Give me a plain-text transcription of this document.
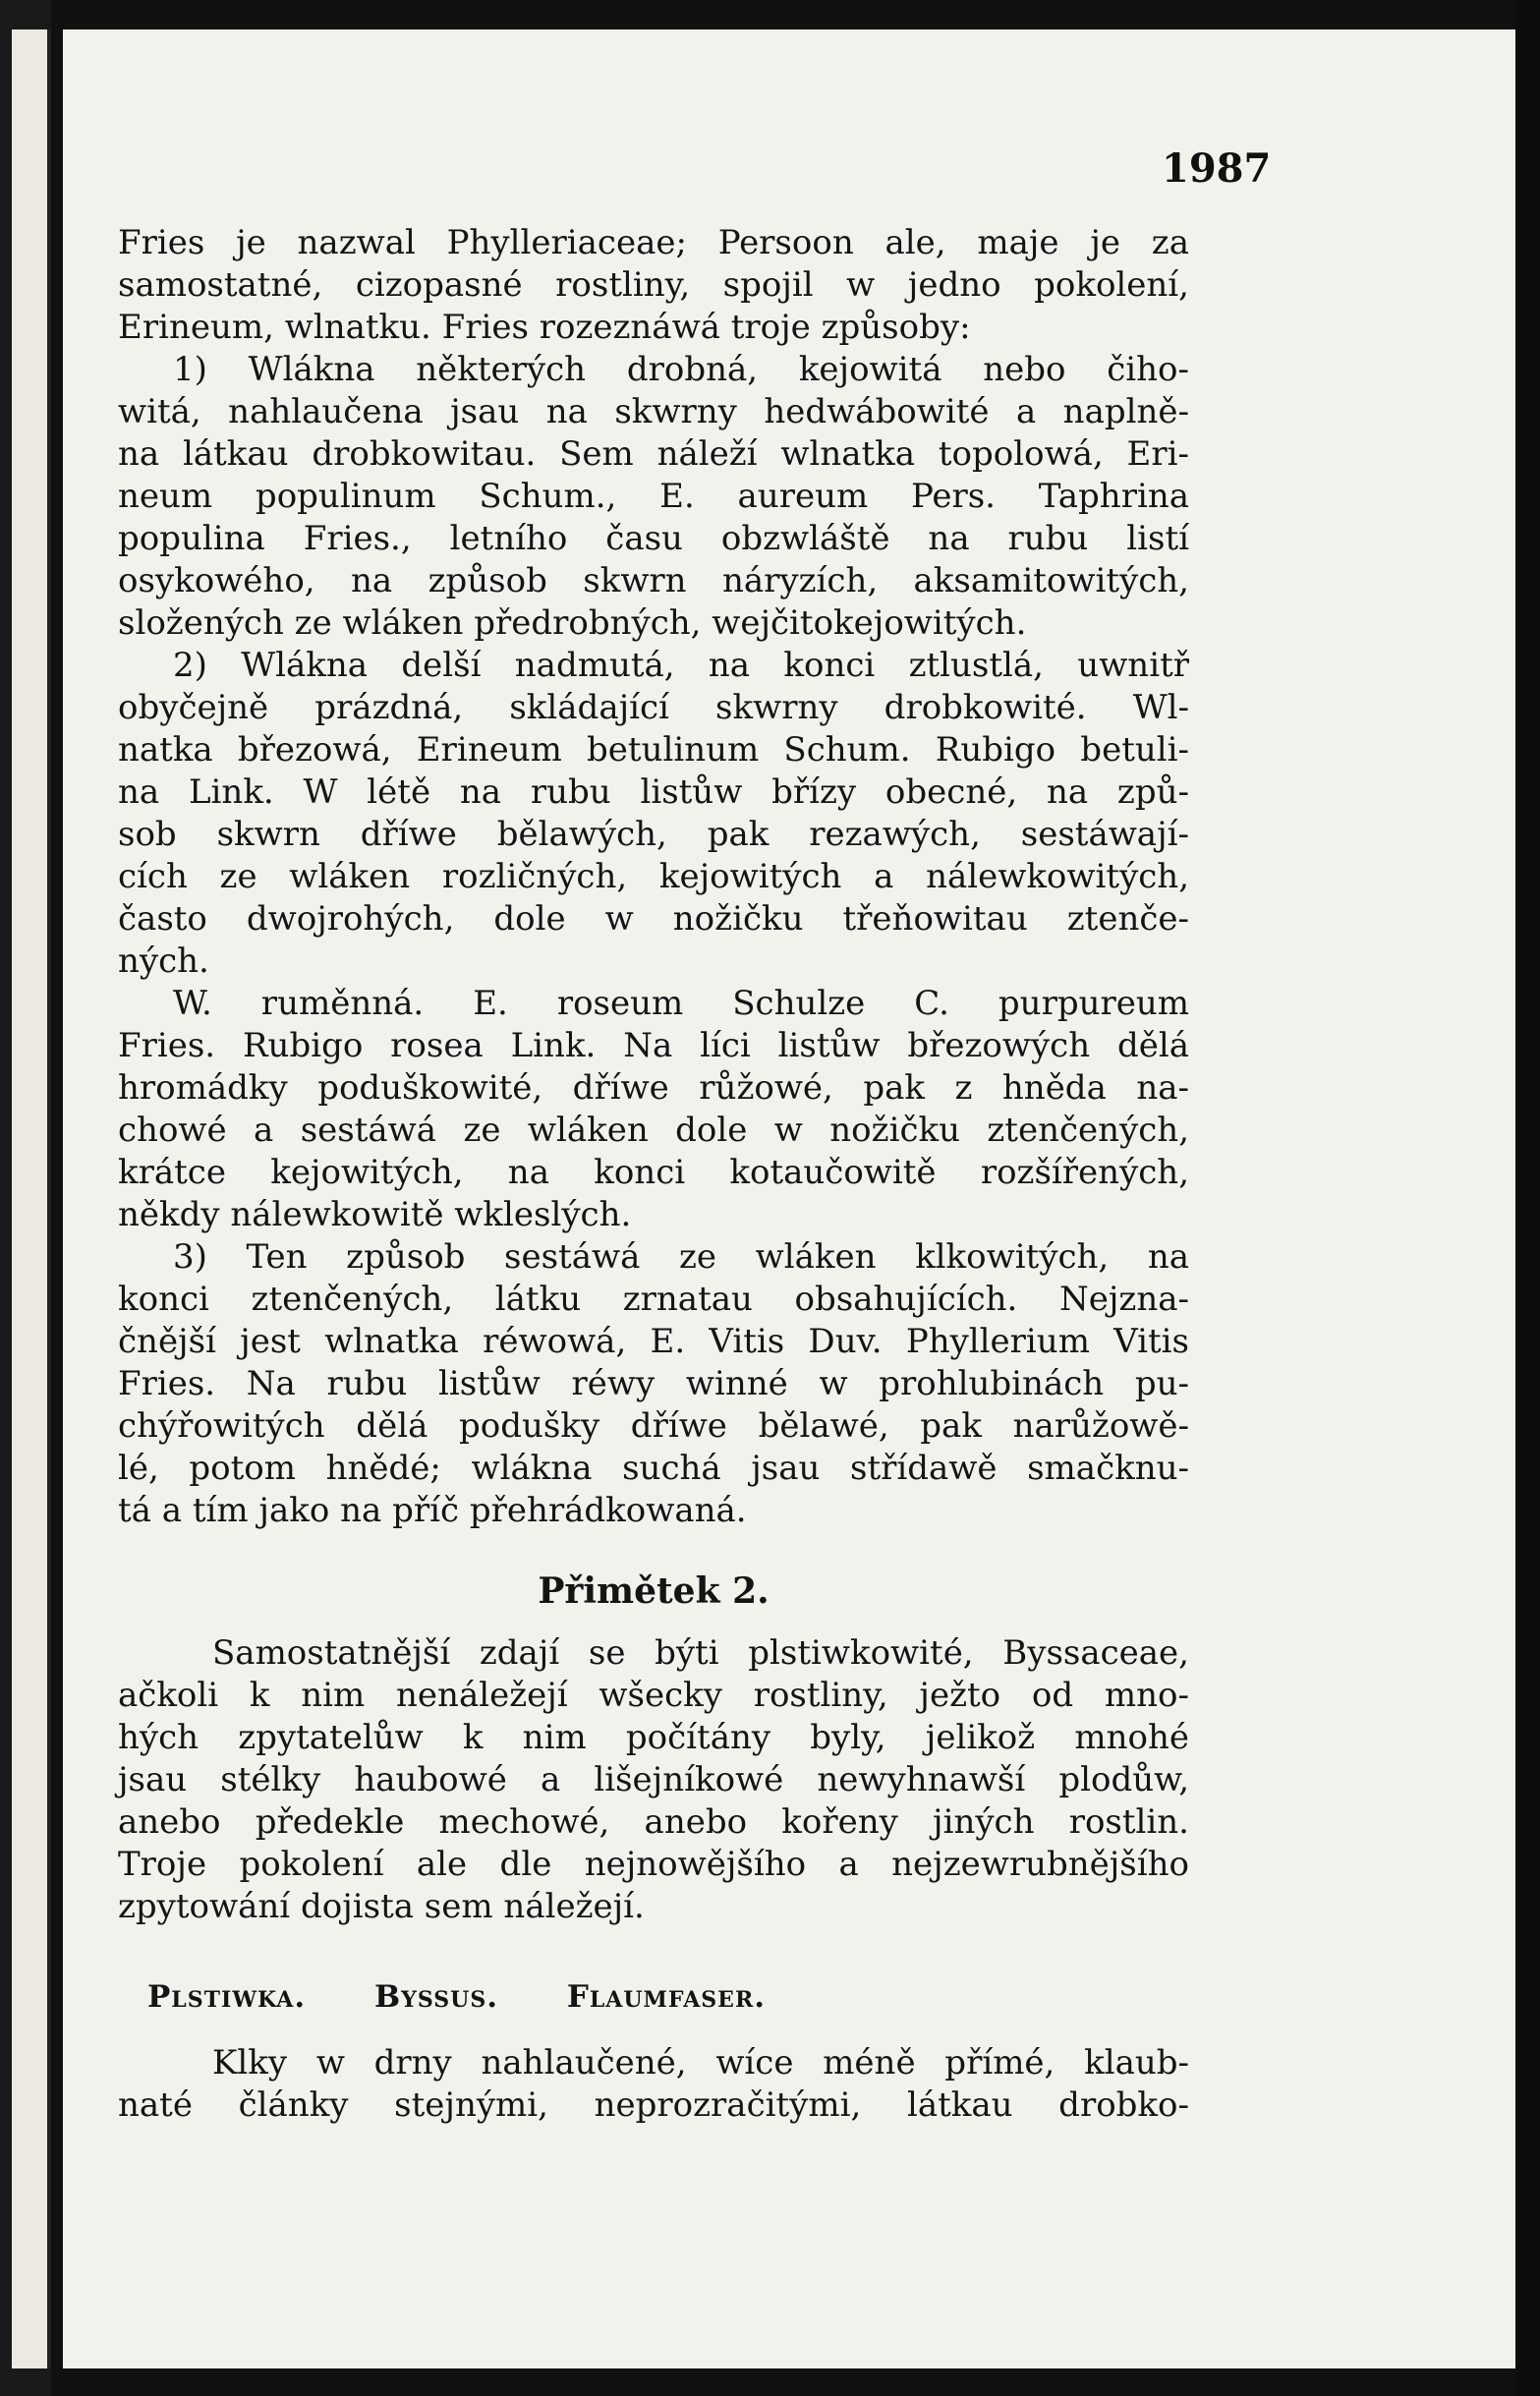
1987
Fries je nazwal Phylleriaceae; Persoon ale, maje je za
samostatné, cizopasné rostliny, spojil w jedno pokolení,
Erineum, wlnatku. Fries rozeznáwá troje způsoby:
1) Wlákna některých drobná, kejowitá nebo čiho-
witá, nahlaučena jsau na skwrny hedwábowité a naplně-
na látkau drobkowitau. Sem náleží wlnatka topolowá, Eri-
neum populinum Schum., E. aureum Pers. Taphrina
populina Fries., letního času obzwláště na rubu listí
osykowého, na způsob skwrn náryzích, aksamitowitých,
složených ze wláken předrobných, wejčitokejowitých.
2) Wlákna delší nadmutá, na konci ztlustlá, uwnitř
obyčejně prázdná, skládající skwrny drobkowité. Wl-
natka březowá, Erineum betulinum Schum. Rubigo betuli-
na Link. W létě na rubu listůw břízy obecné, na způ-
sob skwrn dříwe bělawých, pak rezawých, sestáwají-
cích ze wláken rozličných, kejowitých a nálewkowitých,
často dwojrohých, dole w nožičku třeňowitau ztenče-
ných.
W. ruměnná. E. roseum Schulze C. purpureum
Fries. Rubigo rosea Link. Na líci listůw březowých dělá
hromádky poduškowité, dříwe růžowé, pak z hněda na-
chowé a sestáwá ze wláken dole w nožičku ztenčených,
krátce kejowitých, na konci kotaučowitě rozšířených,
někdy nálewkowitě wkleslých.
3) Ten způsob sestáwá ze wláken klkowitých, na
konci ztenčených, látku zrnatau obsahujících. Nejzna-
čnější jest wlnatka réwowá, E. Vitis Duv. Phyllerium Vitis
Fries. Na rubu listůw réwy winné w prohlubinách pu-
chýřowitých dělá podušky dříwe bělawé, pak narůžowě-
lé, potom hnědé; wlákna suchá jsau střídawě smačknu-
tá a tím jako na příč přehrádkowaná.
Přimětek 2.
Samostatnější zdají se býti plstiwkowité, Byssaceae,
ačkoli k nim nenáležejí wšecky rostliny, ježto od mno-
hých zpytatelůw k nim počítány byly, jelikož mnohé
jsau stélky haubowé a lišejníkowé newyhnawší plodůw,
anebo předekle mechowé, anebo kořeny jiných rostlin.
Troje pokolení ale dle nejnowějšího a nejzewrubnějšího
zpytowání dojista sem náležejí.
Plstiwka. Byssus. Flaumfaser.
Klky w drny nahlaučené, wíce méně přímé, klaub-
naté články stejnými, neprozračitými, látkau drobko-
